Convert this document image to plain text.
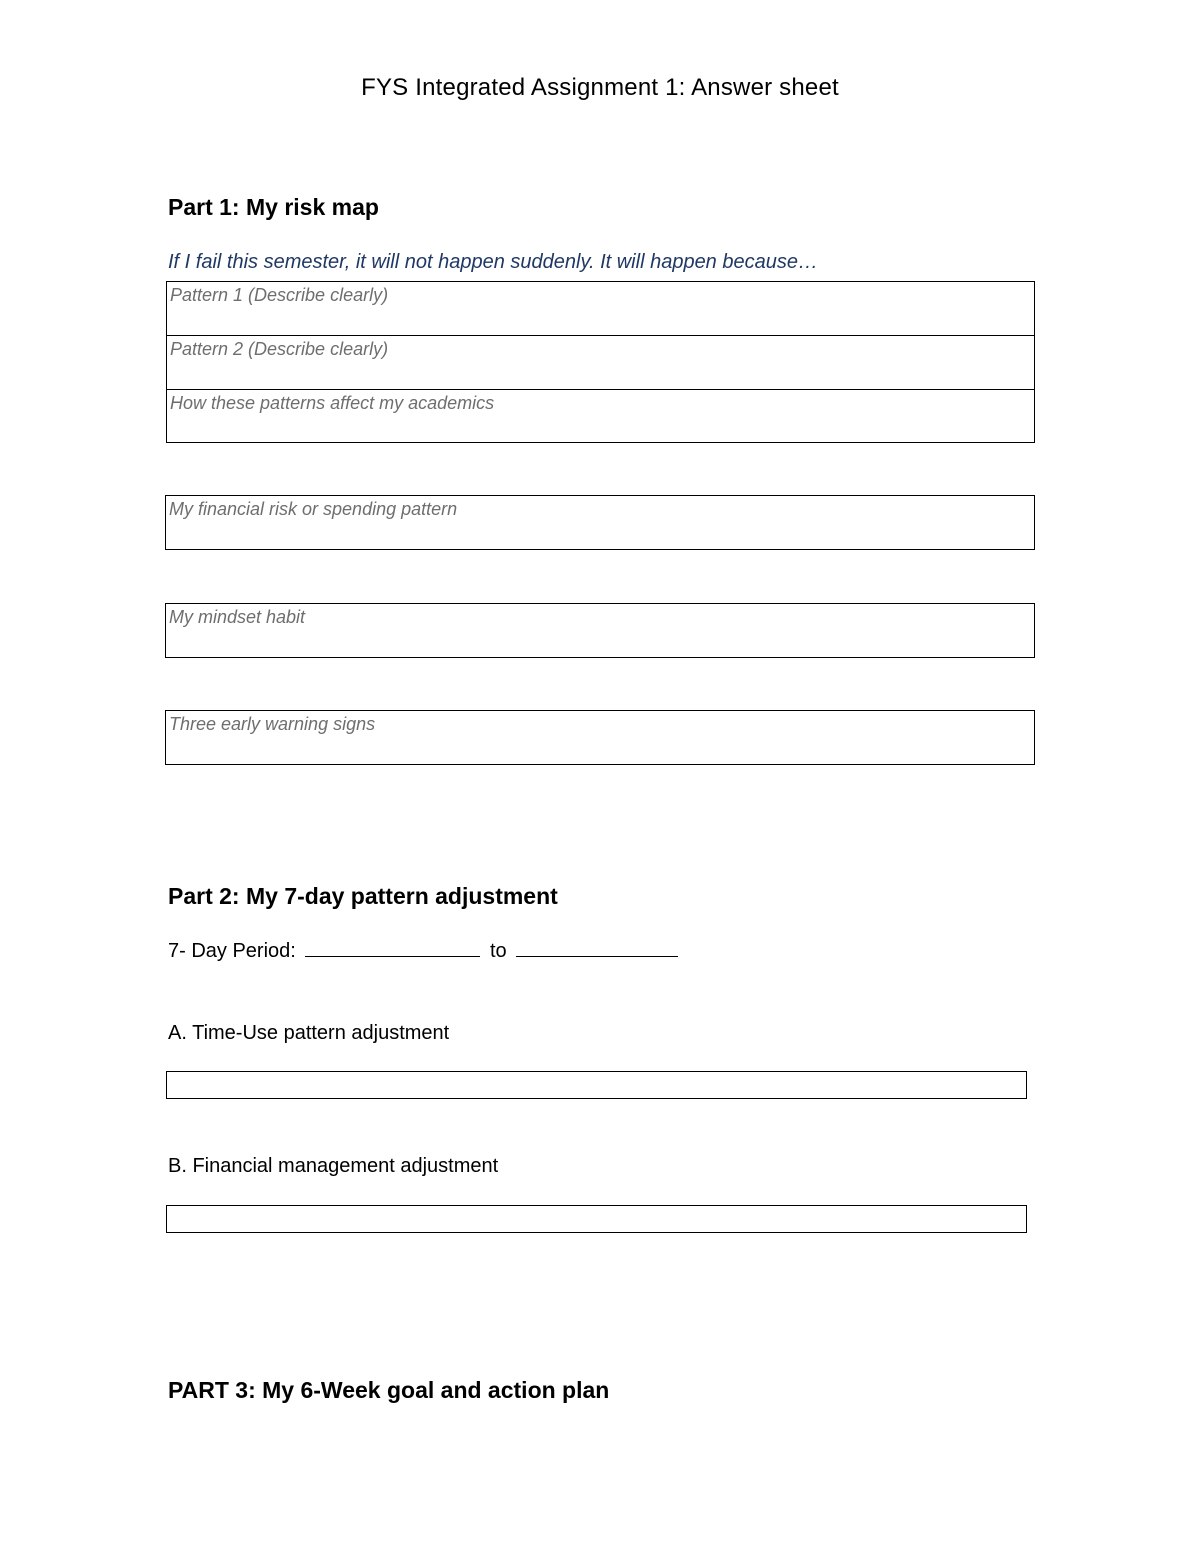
FYS Integrated Assignment 1: Answer sheet
Part 1: My risk map
If I fail this semester, it will not happen suddenly. It will happen because…
Pattern 1 (Describe clearly)
Pattern 2 (Describe clearly)
How these patterns affect my academics
My financial risk or spending pattern
My mindset habit
Three early warning signs
Part 2: My 7-day pattern adjustment
7- Day Period:	to
A. Time-Use pattern adjustment
B. Financial management adjustment
PART 3: My 6-Week goal and action plan
